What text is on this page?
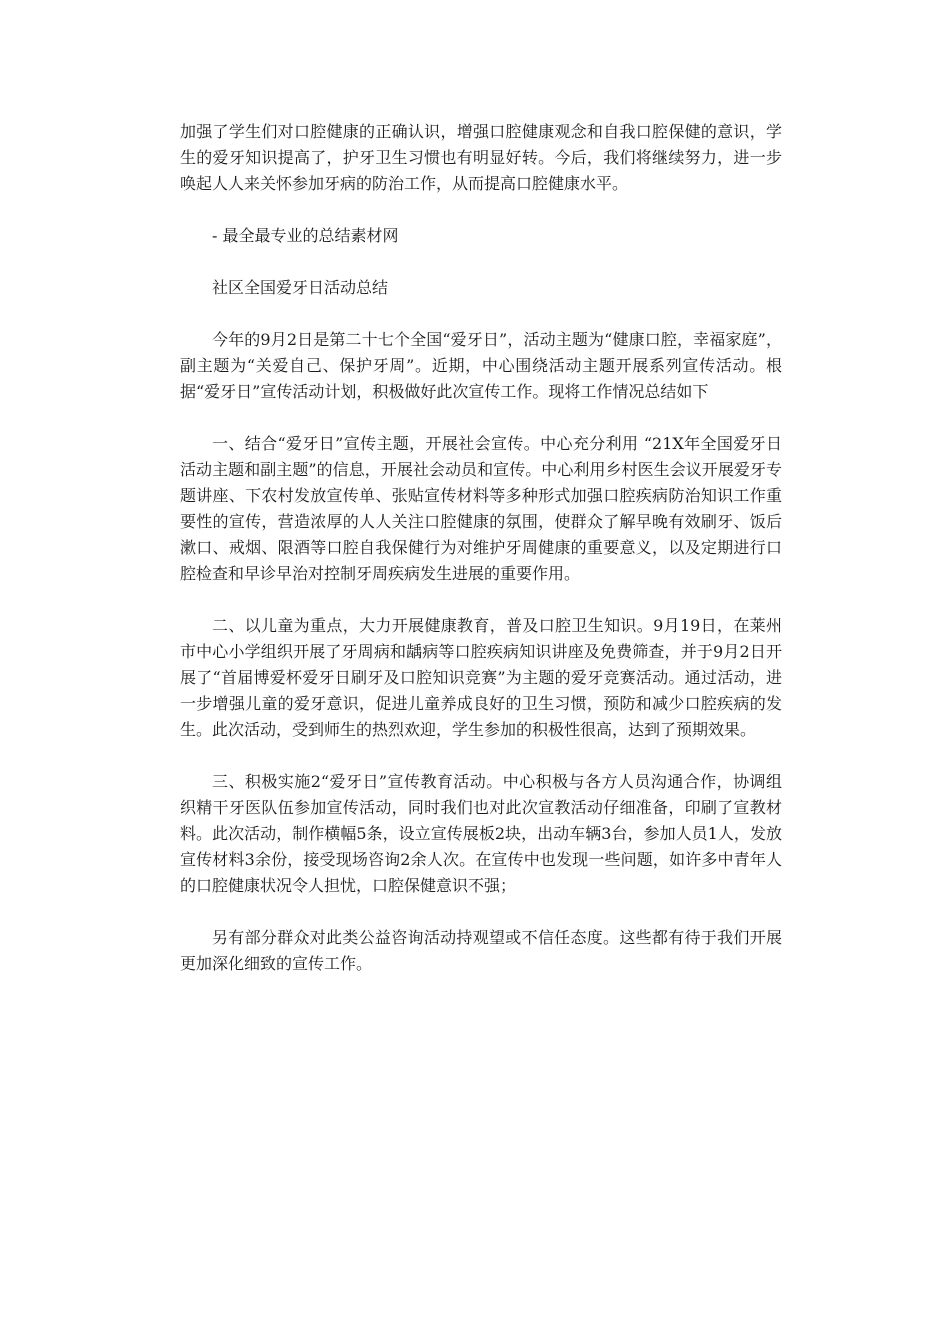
加强了学生们对口腔健康的正确认识，增强口腔健康观念和自我口腔保健的意识，学生的爱牙知识提高了，护牙卫生习惯也有明显好转。今后，我们将继续努力，进一步唤起人人来关怀参加牙病的防治工作，从而提高口腔健康水平。

- 最全最专业的总结素材网

社区全国爱牙日活动总结

今年的9月2日是第二十七个全国“爱牙日”，活动主题为“健康口腔，幸福家庭”，副主题为“关爱自己、保护牙周”。近期，中心围绕活动主题开展系列宣传活动。根据“爱牙日”宣传活动计划，积极做好此次宣传工作。现将工作情况总结如下

一、结合“爱牙日”宣传主题，开展社会宣传。中心充分利用 “21X年全国爱牙日活动主题和副主题”的信息，开展社会动员和宣传。中心利用乡村医生会议开展爱牙专题讲座、下农村发放宣传单、张贴宣传材料等多种形式加强口腔疾病防治知识工作重要性的宣传，营造浓厚的人人关注口腔健康的氛围，使群众了解早晚有效刷牙、饭后漱口、戒烟、限酒等口腔自我保健行为对维护牙周健康的重要意义，以及定期进行口腔检查和早诊早治对控制牙周疾病发生进展的重要作用。

二、以儿童为重点，大力开展健康教育，普及口腔卫生知识。9月19日，在莱州市中心小学组织开展了牙周病和龋病等口腔疾病知识讲座及免费筛查，并于9月2日开展了“首届博爱杯爱牙日刷牙及口腔知识竞赛”为主题的爱牙竞赛活动。通过活动，进一步增强儿童的爱牙意识，促进儿童养成良好的卫生习惯，预防和减少口腔疾病的发生。此次活动，受到师生的热烈欢迎，学生参加的积极性很高，达到了预期效果。

三、积极实施2“爱牙日”宣传教育活动。中心积极与各方人员沟通合作，协调组织精干牙医队伍参加宣传活动，同时我们也对此次宣教活动仔细准备，印刷了宣教材料。此次活动，制作横幅5条，设立宣传展板2块，出动车辆3台，参加人员1人，发放宣传材料3余份，接受现场咨询2余人次。在宣传中也发现一些问题，如许多中青年人的口腔健康状况令人担忧，口腔保健意识不强；

另有部分群众对此类公益咨询活动持观望或不信任态度。这些都有待于我们开展更加深化细致的宣传工作。
